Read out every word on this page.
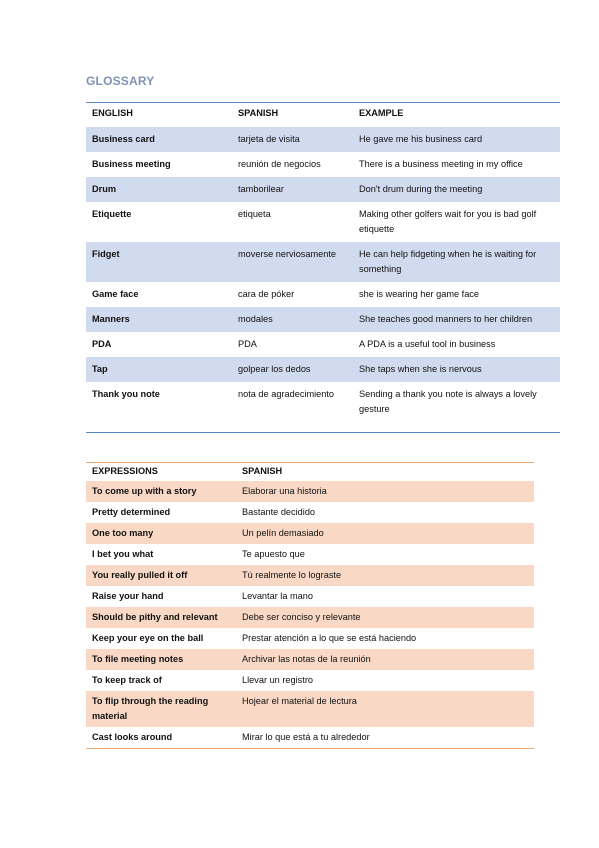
GLOSSARY
ENGLISH	SPANISH	EXAMPLE
Business card	tarjeta de visita	He gave me his business card
Business meeting	reunión de negocios	There is a business meeting in my office
Drum	tamborilear	Don't drum during the meeting
Etiquette	etiqueta	Making other golfers wait for you is bad golf etiquette
Fidget	moverse nerviosamente	He can help fidgeting when he is waiting for something
Game face	cara de póker	she is wearing her game face
Manners	modales	She teaches good manners to her children
PDA	PDA	A PDA is a useful tool in business
Tap	golpear los dedos	She taps when she is nervous
Thank you note	nota de agradecimiento	Sending a thank you note is always a lovely gesture

EXPRESSIONS	SPANISH
To come up with a story	Elaborar una historia
Pretty determined	Bastante decidido
One too many	Un pelín demasiado
I bet you what	Te apuesto que
You really pulled it off	Tú realmente lo lograste
Raise your hand	Levantar la mano
Should be pithy and relevant	Debe ser conciso y relevante
Keep your eye on the ball	Prestar atención a lo que se está haciendo
To file meeting notes	Archivar las notas de la reunión
To keep track of	Llevar un registro
To flip through the reading material	Hojear el material de lectura
Cast looks around	Mirar lo que está a tu alrededor
